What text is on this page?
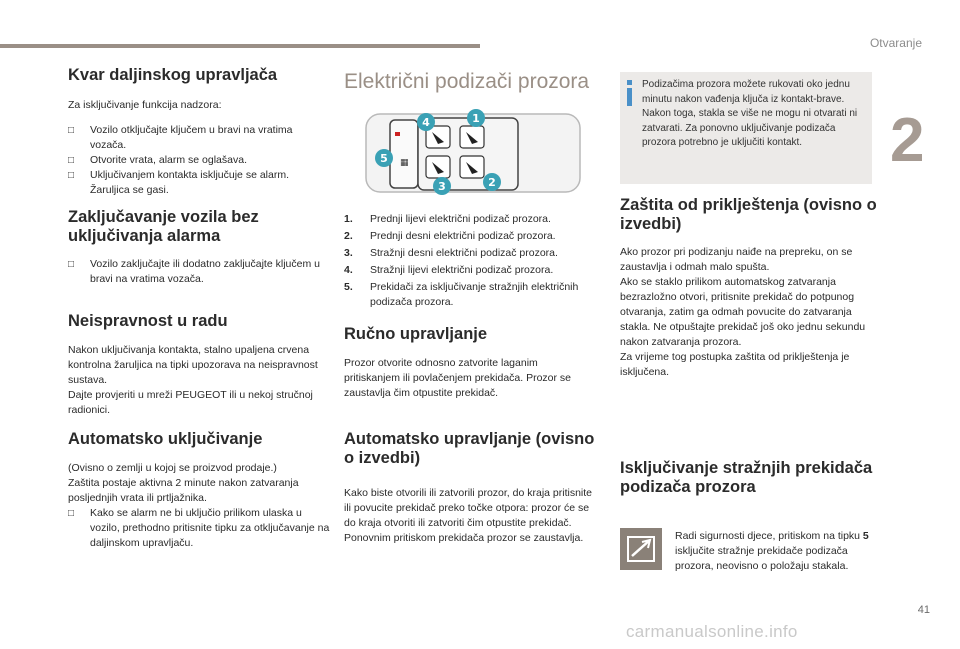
Otvaranje
2
Kvar daljinskog upravljača

Za isključivanje funkcija nadzora:

□ Vozilo otključajte ključem u bravi na vratima vozača.
□ Otvorite vrata, alarm se oglašava.
□ Uključivanjem kontakta isključuje se alarm. Žaruljica se gasi.
Zaključavanje vozila bez uključivanja alarma
□ Vozilo zaključajte ili dodatno zaključajte ključem u bravi na vratima vozača.
Neispravnost u radu

Nakon uključivanja kontakta, stalno upaljena crvena kontrolna žaruljica na tipki upozorava na neispravnost sustava.
Dajte provjeriti u mreži PEUGEOT ili u nekoj stručnoj radionici.

Automatsko uključivanje

(Ovisno o zemlji u kojoj se proizvod prodaje.)
Zaštita postaje aktivna 2 minute nakon zatvaranja posljednjih vrata ili prtljažnika.

□ Kako se alarm ne bi uključio prilikom ulaska u vozilo, prethodno pritisnite tipku za otključavanje na daljinskom upravljaču.
Električni podizači prozora
▦
4	1
5
3	2
1. Prednji lijevi električni podizač prozora.
2. Prednji desni električni podizač prozora.
3. Stražnji desni električni podizač prozora.
4. Stražnji lijevi električni podizač prozora.
5. Prekidači za isključivanje stražnjih električnih podizača prozora.
Ručno upravljanje

Prozor otvorite odnosno zatvorite laganim pritiskanjem ili povlačenjem prekidača. Prozor se zaustavlja čim otpustite prekidač.

Automatsko upravljanje (ovisno o izvedbi)

Kako biste otvorili ili zatvorili prozor, do kraja pritisnite ili povucite prekidač preko točke otpora: prozor će se do kraja otvoriti ili zatvoriti čim otpustite prekidač. Ponovnim pritiskom prekidača prozor se zaustavlja.

Podizačima prozora možete rukovati oko jednu minutu nakon vađenja ključa iz kontakt-brave.
Nakon toga, stakla se više ne mogu ni otvarati ni zatvarati. Za ponovno uključivanje podizača prozora potrebno je uključiti kontakt.
Zaštita od priklještenja (ovisno o izvedbi)

Ako prozor pri podizanju naiđe na prepreku, on se zaustavlja i odmah malo spušta.
Ako se staklo prilikom automatskog zatvaranja bezrazložno otvori, pritisnite prekidač do potpunog otvaranja, zatim ga odmah povucite do zatvaranja stakla. Ne otpuštajte prekidač još oko jednu sekundu nakon zatvaranja prozora.
Za vrijeme tog postupka zaštita od priklještenja je isključena.

Isključivanje stražnjih prekidača podizača prozora

Radi sigurnosti djece, pritiskom na tipku 5 isključite stražnje prekidače podizača prozora, neovisno o položaju stakala.

41
carmanualsonline.info
